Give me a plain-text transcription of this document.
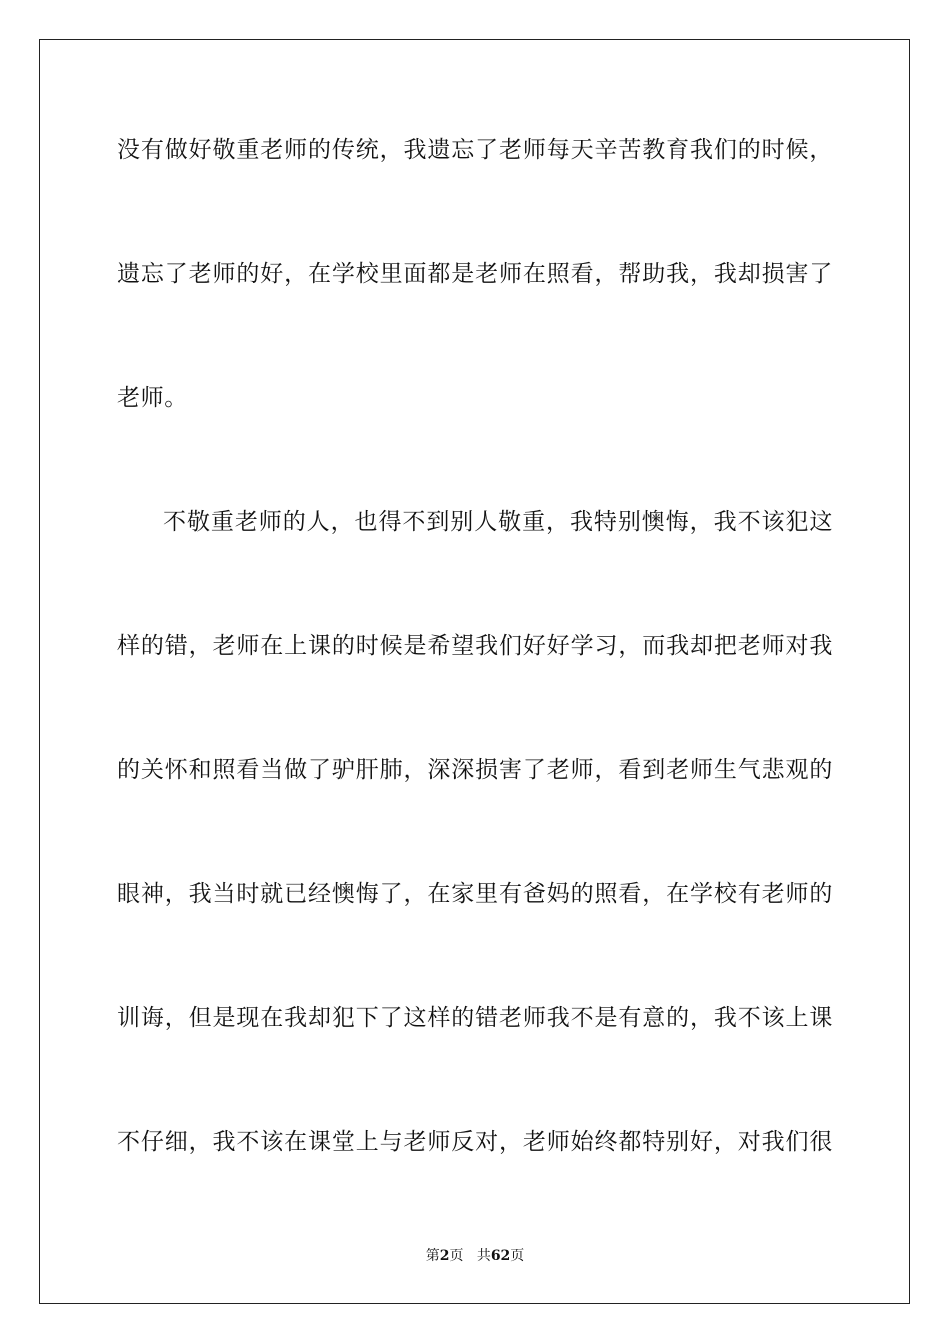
没有做好敬重老师的传统，我遗忘了老师每天辛苦教育我们的时候，
遗忘了老师的好，在学校里面都是老师在照看，帮助我，我却损害了
老师。
不敬重老师的人，也得不到别人敬重，我特别懊悔，我不该犯这
样的错，老师在上课的时候是希望我们好好学习，而我却把老师对我
的关怀和照看当做了驴肝肺，深深损害了老师，看到老师生气悲观的
眼神，我当时就已经懊悔了，在家里有爸妈的照看，在学校有老师的
训诲，但是现在我却犯下了这样的错老师我不是有意的，我不该上课
不仔细，我不该在课堂上与老师反对，老师始终都特别好，对我们很
第2页 共62页
